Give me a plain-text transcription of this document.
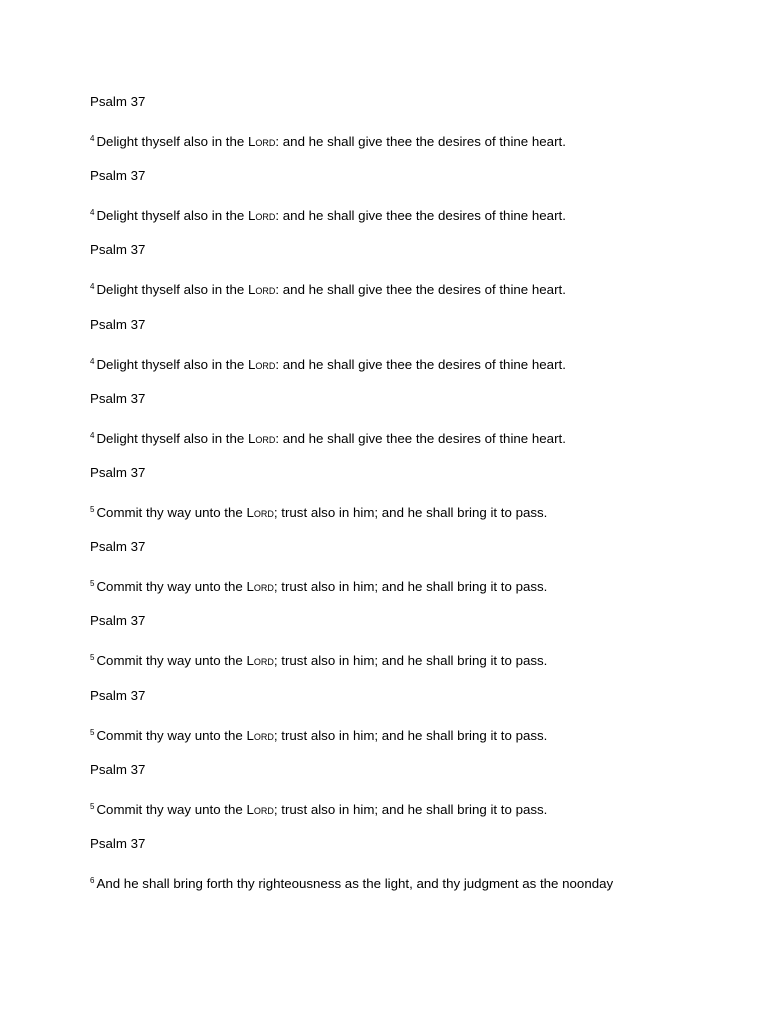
Psalm 37

$^4$ Delight thyself also in the Lord: and he shall give thee the desires of thine heart.

Psalm 37

$^4$ Delight thyself also in the Lord: and he shall give thee the desires of thine heart.

Psalm 37

$^4$ Delight thyself also in the Lord: and he shall give thee the desires of thine heart.

Psalm 37

$^4$ Delight thyself also in the Lord: and he shall give thee the desires of thine heart.

Psalm 37

$^4$ Delight thyself also in the Lord: and he shall give thee the desires of thine heart.

Psalm 37

$^5$ Commit thy way unto the Lord; trust also in him; and he shall bring it to pass.

Psalm 37

$^5$ Commit thy way unto the Lord; trust also in him; and he shall bring it to pass.

Psalm 37

$^5$ Commit thy way unto the Lord; trust also in him; and he shall bring it to pass.

Psalm 37

$^5$ Commit thy way unto the Lord; trust also in him; and he shall bring it to pass.

Psalm 37

$^5$ Commit thy way unto the Lord; trust also in him; and he shall bring it to pass.

Psalm 37

$^6$ And he shall bring forth thy righteousness as the light, and thy judgment as the noonday
